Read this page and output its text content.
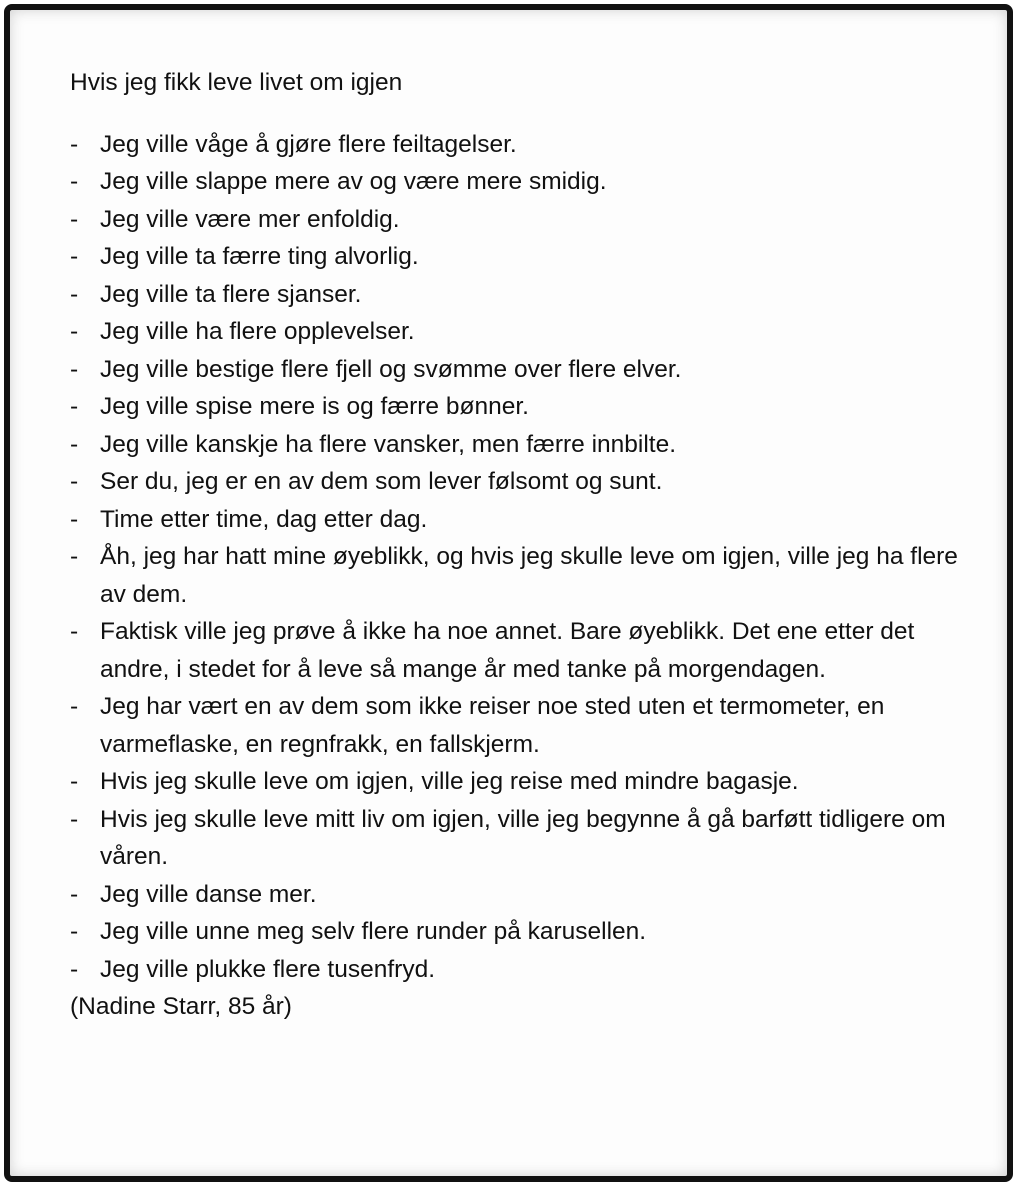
Hvis jeg fikk leve livet om igjen
- Jeg ville våge å gjøre flere feiltagelser.
- Jeg ville slappe mere av og være mere smidig.
- Jeg ville være mer enfoldig.
- Jeg ville ta færre ting alvorlig.
- Jeg ville ta flere sjanser.
- Jeg ville ha flere opplevelser.
- Jeg ville bestige flere fjell og svømme over flere elver.
- Jeg ville spise mere is og færre bønner.
- Jeg ville kanskje ha flere vansker, men færre innbilte.
- Ser du, jeg er en av dem som lever følsomt og sunt.
- Time etter time, dag etter dag.
- Åh, jeg har hatt mine øyeblikk, og hvis jeg skulle leve om igjen, ville jeg ha flere av dem.
- Faktisk ville jeg prøve å ikke ha noe annet. Bare øyeblikk. Det ene etter det andre, i stedet for å leve så mange år med tanke på morgendagen.
- Jeg har vært en av dem som ikke reiser noe sted uten et termometer, en varmeflaske, en regnfrakk, en fallskjerm.
- Hvis jeg skulle leve om igjen, ville jeg reise med mindre bagasje.
- Hvis jeg skulle leve mitt liv om igjen, ville jeg begynne å gå barføtt tidligere om våren.
- Jeg ville danse mer.
- Jeg ville unne meg selv flere runder på karusellen.
- Jeg ville plukke flere tusenfryd.

(Nadine Starr, 85 år)
